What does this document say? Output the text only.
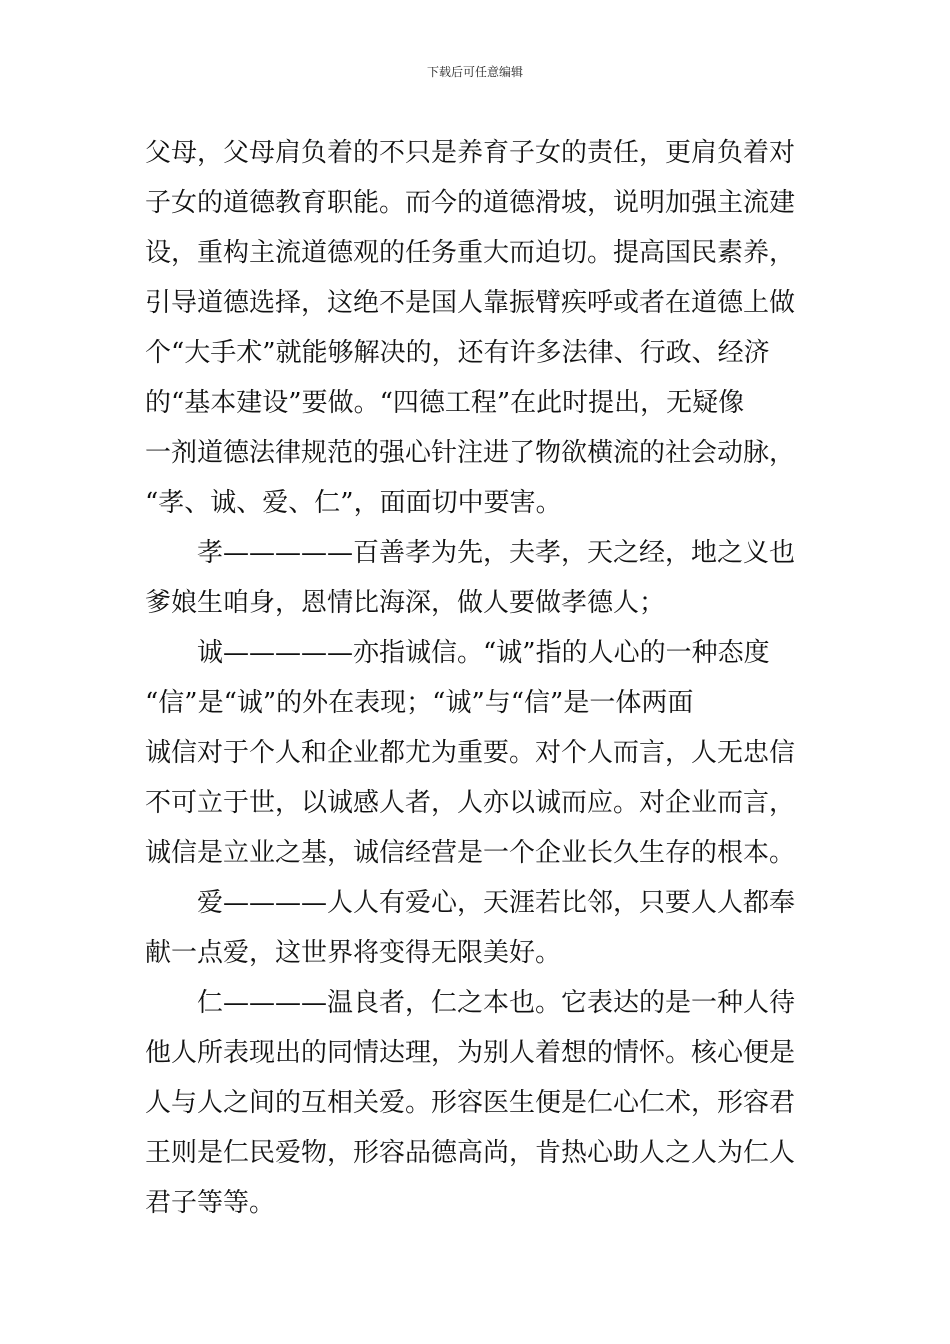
下载后可任意编辑
父母，父母肩负着的不只是养育子女的责任，更肩负着对
子女的道德教育职能。而今的道德滑坡，说明加强主流建
设，重构主流道德观的任务重大而迫切。提高国民素养，
引导道德选择，这绝不是国人靠振臂疾呼或者在道德上做
个“大手术”就能够解决的，还有许多法律、行政、经济
的“基本建设”要做。“四德工程”在此时提出，无疑像
一剂道德法律规范的强心针注进了物欲横流的社会动脉，
“孝、诚、爱、仁”，面面切中要害。
孝—————百善孝为先，夫孝，天之经，地之义也
爹娘生咱身，恩情比海深，做人要做孝德人；
诚—————亦指诚信。“诚”指的人心的一种态度
“信”是“诚”的外在表现；“诚”与“信”是一体两面
诚信对于个人和企业都尤为重要。对个人而言，人无忠信
不可立于世，以诚感人者，人亦以诚而应。对企业而言，
诚信是立业之基，诚信经营是一个企业长久生存的根本。
爱————人人有爱心，天涯若比邻，只要人人都奉
献一点爱，这世界将变得无限美好。
仁————温良者，仁之本也。它表达的是一种人待
他人所表现出的同情达理，为别人着想的情怀。核心便是
人与人之间的互相关爱。形容医生便是仁心仁术，形容君
王则是仁民爱物，形容品德高尚，肯热心助人之人为仁人
君子等等。
